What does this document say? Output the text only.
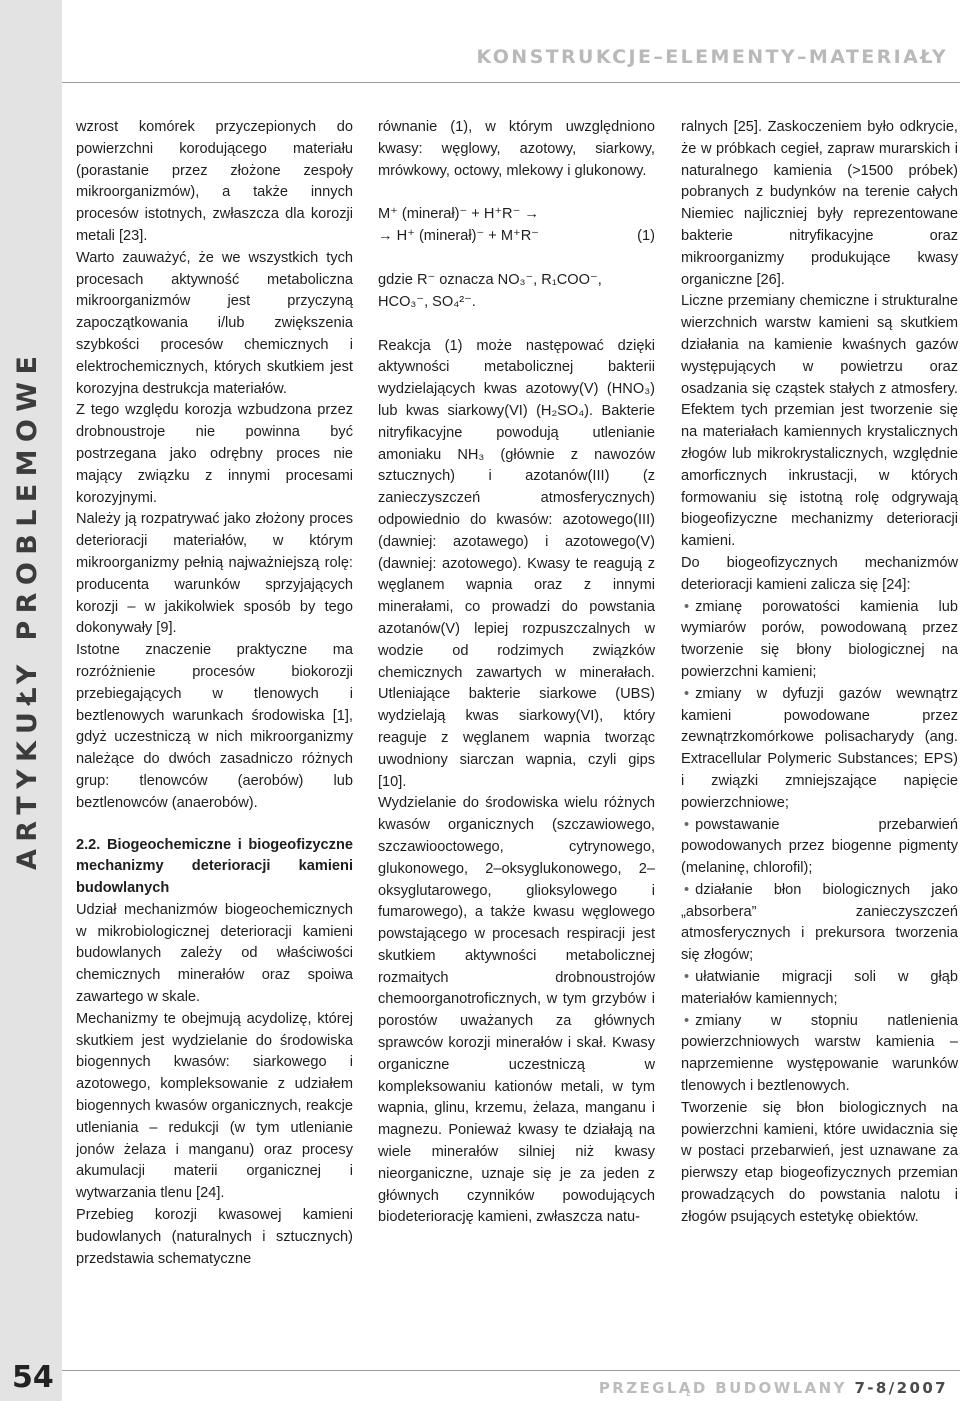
ARTYKUŁY PROBLEMOWE
54
KONSTRUKCJE–ELEMENTY–MATERIAŁY

wzrost komórek przyczepionych do powierzchni korodującego materiału (porastanie przez złożone zespoły mikroorganizmów), a także innych procesów istotnych, zwłaszcza dla korozji metali [23].

Warto zauważyć, że we wszystkich tych procesach aktywność metaboliczna mikroorganizmów jest przyczyną zapoczątkowania i/lub zwiększenia szybkości procesów chemicznych i elektrochemicznych, których skutkiem jest korozyjna destrukcja materiałów.

Z tego względu korozja wzbudzona przez drobnoustroje nie powinna być postrzegana jako odrębny proces nie mający związku z innymi procesami korozyjnymi.

Należy ją rozpatrywać jako złożony proces deterioracji materiałów, w którym mikroorganizmy pełnią najważniejszą rolę: producenta warunków sprzyjających korozji – w jakikolwiek sposób by tego dokonywały [9].

Istotne znaczenie praktyczne ma rozróżnienie procesów biokorozji przebiegających w tlenowych i beztlenowych warunkach środowiska [1], gdyż uczestniczą w nich mikroorganizmy należące do dwóch zasadniczo różnych grup: tlenowców (aerobów) lub beztlenowców (anaerobów).

2.2. Biogeochemiczne i biogeofizyczne mechanizmy deterioracji kamieni budowlanych

Udział mechanizmów biogeochemicznych w mikrobiologicznej deterioracji kamieni budowlanych zależy od właściwości chemicznych minerałów oraz spoiwa zawartego w skale.

Mechanizmy te obejmują acydolizę, której skutkiem jest wydzielanie do środowiska biogennych kwasów: siarkowego i azotowego, kompleksowanie z udziałem biogennych kwasów organicznych, reakcje utleniania – redukcji (w tym utlenianie jonów żelaza i manganu) oraz procesy akumulacji materii organicznej i wytwarzania tlenu [24].

Przebieg korozji kwasowej kamieni budowlanych (naturalnych i sztucznych) przedstawia schematyczne

równanie (1), w którym uwzględniono kwasy: węglowy, azotowy, siarkowy, mrówkowy, octowy, mlekowy i glukonowy.

M⁺ (minerał)⁻ + H⁺R⁻ →

→ H⁺ (minerał)⁻ + M⁺R⁻	(1)

gdzie R⁻ oznacza NO₃⁻, R₁COO⁻,

HCO₃⁻, SO₄²⁻.

Reakcja (1) może następować dzięki aktywności metabolicznej bakterii wydzielających kwas azotowy(V) (HNO₃) lub kwas siarkowy(VI) (H₂SO₄). Bakterie nitryfikacyjne powodują utlenianie amoniaku NH₃ (głównie z nawozów sztucznych) i azotanów(III) (z zanieczyszczeń atmosferycznych) odpowiednio do kwasów: azotowego(III) (dawniej: azotawego) i azotowego(V) (dawniej: azotowego). Kwasy te reagują z węglanem wapnia oraz z innymi minerałami, co prowadzi do powstania azotanów(V) lepiej rozpuszczalnych w wodzie od rodzimych związków chemicznych zawartych w minerałach. Utleniające bakterie siarkowe (UBS) wydzielają kwas siarkowy(VI), który reaguje z węglanem wapnia tworząc uwodniony siarczan wapnia, czyli gips [10].

Wydzielanie do środowiska wielu różnych kwasów organicznych (szczawiowego, szczawiooctowego, cytrynowego, glukonowego, 2–oksyglukonowego, 2–oksyglutarowego, glioksylowego i fumarowego), a także kwasu węglowego powstającego w procesach respiracji jest skutkiem aktywności metabolicznej rozmaitych drobnoustrojów chemoorganotroficznych, w tym grzybów i porostów uważanych za głównych sprawców korozji minerałów i skał. Kwasy organiczne uczestniczą w kompleksowaniu kationów metali, w tym wapnia, glinu, krzemu, żelaza, manganu i magnezu. Ponieważ kwasy te działają na wiele minerałów silniej niż kwasy nieorganiczne, uznaje się je za jeden z głównych czynników powodujących biodeteriorację kamieni, zwłaszcza natu-

ralnych [25]. Zaskoczeniem było odkrycie, że w próbkach cegieł, zapraw murarskich i naturalnego kamienia (>1500 próbek) pobranych z budynków na terenie całych Niemiec najliczniej były reprezentowane bakterie nitryfikacyjne oraz mikroorganizmy produkujące kwasy organiczne [26].

Liczne przemiany chemiczne i strukturalne wierzchnich warstw kamieni są skutkiem działania na kamienie kwaśnych gazów występujących w powietrzu oraz osadzania się cząstek stałych z atmosfery. Efektem tych przemian jest tworzenie się na materiałach kamiennych krystalicznych złogów lub mikrokrystalicznych, względnie amorficznych inkrustacji, w których formowaniu się istotną rolę odgrywają biogeofizyczne mechanizmy deterioracji kamieni.

Do biogeofizycznych mechanizmów deterioracji kamieni zalicza się [24]:

• zmianę porowatości kamienia lub wymiarów porów, powodowaną przez tworzenie się błony biologicznej na powierzchni kamieni;

• zmiany w dyfuzji gazów wewnątrz kamieni powodowane przez zewnątrzkomórkowe polisacharydy (ang. Extracellular Polymeric Substances; EPS) i związki zmniejszające napięcie powierzchniowe;

• powstawanie przebarwień powodowanych przez biogenne pigmenty (melaninę, chlorofil);

• działanie błon biologicznych jako „absorbera” zanieczyszczeń atmosferycznych i prekursora tworzenia się złogów;

• ułatwianie migracji soli w głąb materiałów kamiennych;

• zmiany w stopniu natlenienia powierzchniowych warstw kamienia – naprzemienne występowanie warunków tlenowych i beztlenowych.

Tworzenie się błon biologicznych na powierzchni kamieni, które uwidacznia się w postaci przebarwień, jest uznawane za pierwszy etap biogeofizycznych przemian prowadzących do powstania nalotu i złogów psujących estetykę obiektów.

PRZEGLĄD BUDOWLANY 7-8/2007
